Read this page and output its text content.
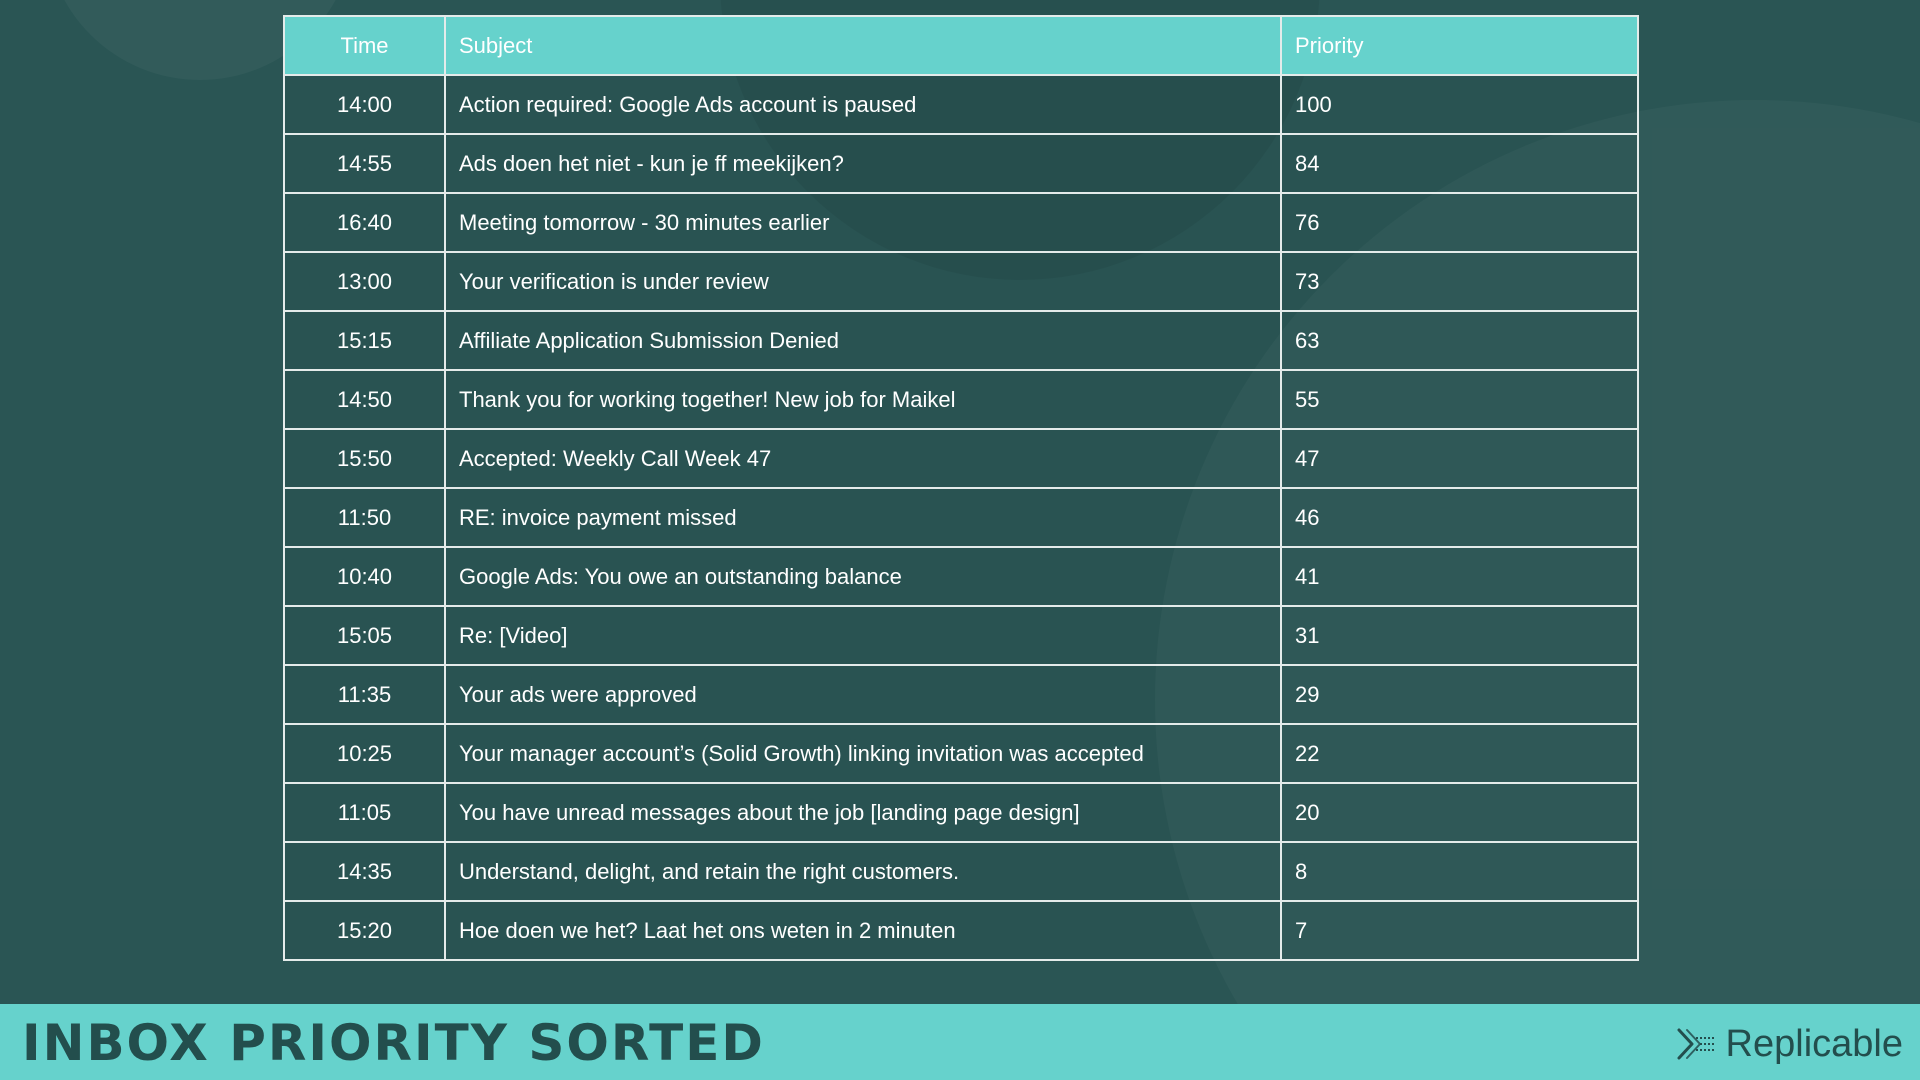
Time	Subject	Priority
14:00	Action required: Google Ads account is paused	100
14:55	Ads doen het niet - kun je ff meekijken?	84
16:40	Meeting tomorrow - 30 minutes earlier	76
13:00	Your verification is under review	73
15:15	Affiliate Application Submission Denied	63
14:50	Thank you for working together! New job for Maikel	55
15:50	Accepted: Weekly Call Week 47	47
11:50	RE: invoice payment missed	46
10:40	Google Ads: You owe an outstanding balance	41
15:05	Re: [Video]	31
11:35	Your ads were approved	29
10:25	Your manager account’s (Solid Growth) linking invitation was accepted	22
11:05	You have unread messages about the job [landing page design]	20
14:35	Understand, delight, and retain the right customers.	8
15:20	Hoe doen we het? Laat het ons weten in 2 minuten	7
INBOX PRIORITY SORTED	Replicable
